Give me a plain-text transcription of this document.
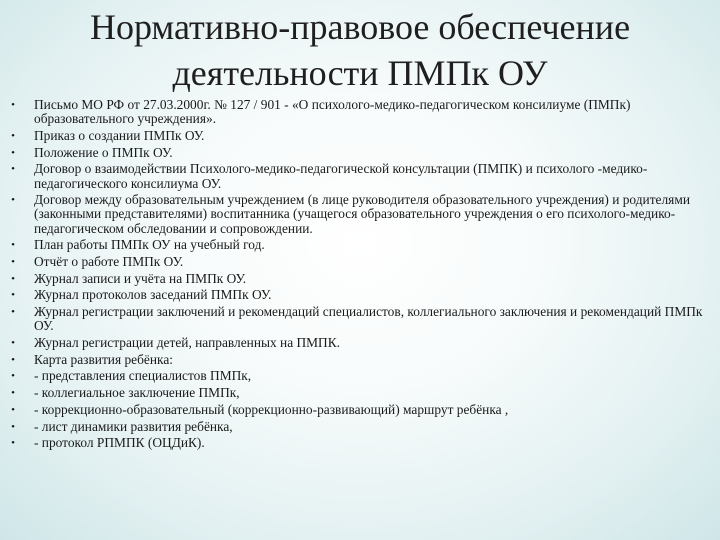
Нормативно-правовое обеспечение
деятельности ПМПк ОУ
• Письмо МО РФ от 27.03.2000г. № 127 / 901 - «О психолого-медико-педагогическом консилиуме (ПМПк) образовательного учреждения».
• Приказ о создании ПМПк ОУ.
• Положение о ПМПк ОУ.
• Договор о взаимодействии Психолого-медико-педагогической консультации (ПМПК) и психолого -медико-педагогического консилиума ОУ.
• Договор между образовательным учреждением (в лице руководителя образовательного учреждения) и родителями (законными представителями) воспитанника (учащегося образовательного учреждения о его психолого-медико-педагогическом обследовании и сопровождении.
• План работы ПМПк ОУ на учебный год.
• Отчёт о работе ПМПк ОУ.
• Журнал записи и учёта на ПМПк ОУ.
• Журнал протоколов заседаний ПМПк ОУ.
• Журнал регистрации заключений и рекомендаций специалистов, коллегиального заключения и рекомендаций ПМПк ОУ.
• Журнал регистрации детей, направленных на ПМПК.
• Карта развития ребёнка:
• - представления специалистов ПМПк,
• - коллегиальное заключение ПМПк,
• - коррекционно-образовательный (коррекционно-развивающий) маршрут ребёнка ,
• - лист динамики развития ребёнка,
• - протокол РПМПК (ОЦДиК).
